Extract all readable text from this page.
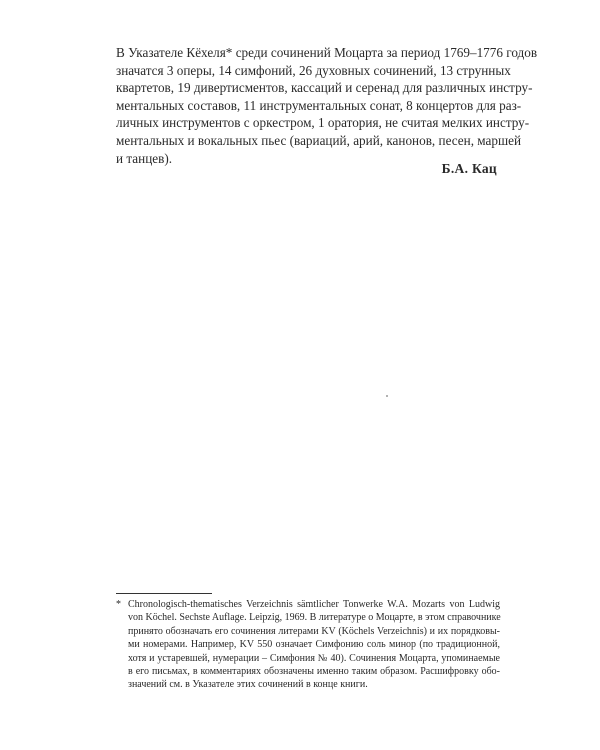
В Указателе Кёхеля* среди сочинений Моцарта за период 1769–1776 годов
значатся 3 оперы, 14 симфоний, 26 духовных сочинений, 13 струнных
квартетов, 19 дивертисментов, кассаций и серенад для различных инстру-
ментальных составов, 11 инструментальных сонат, 8 концертов для раз-
личных инструментов с оркестром, 1 оратория, не считая мелких инстру-
ментальных и вокальных пьес (вариаций, арий, канонов, песен, маршей
и танцев).
Б.А. Кац
* Chronologisch-thematisches Verzeichnis sämtlicher Tonwerke W.A. Mozarts von Ludwig
von Köchel. Sechste Auflage. Leipzig, 1969. В литературе о Моцарте, в этом справочнике
принято обозначать его сочинения литерами KV (Köchels Verzeichnis) и их порядковы-
ми номерами. Например, KV 550 означает Симфонию соль минор (по традиционной,
хотя и устаревшей, нумерации – Симфония № 40). Сочинения Моцарта, упоминаемые
в его письмах, в комментариях обозначены именно таким образом. Расшифровку обо-
значений см. в Указателе этих сочинений в конце книги.
